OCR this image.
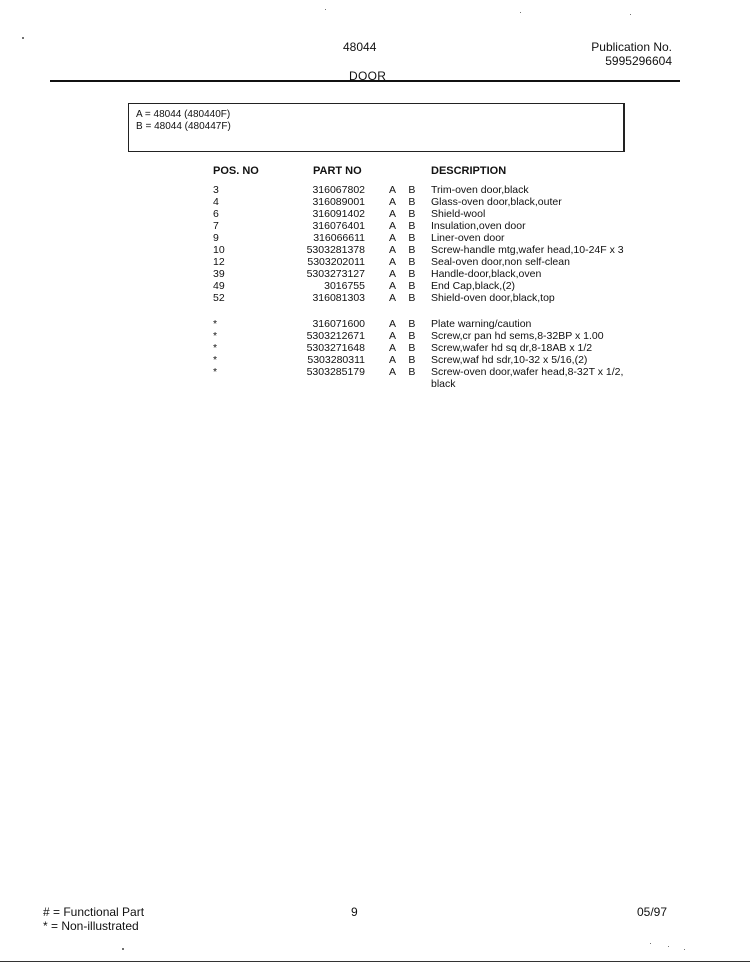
48044	Publication No.
5995296604
DOOR
A = 48044 (480440F)
B = 48044 (480447F)
POS. NO	PART NO	DESCRIPTION
3	316067802 A B Trim-oven door,black
4	316089001 A B Glass-oven door,black,outer
6	316091402 A B Shield-wool
7	316076401 A B Insulation,oven door
9	316066611 A B Liner-oven door
10	5303281378 A B Screw-handle mtg,wafer head,10-24F x 3
12	5303202011 A B Seal-oven door,non self-clean
39	5303273127 A B Handle-door,black,oven
49	3016755 A B End Cap,black,(2)
52	316081303 A B Shield-oven door,black,top
*	316071600 A B Plate warning/caution
*	5303212671 A B Screw,cr pan hd sems,8-32BP x 1.00
*	5303271648 A B Screw,wafer hd sq dr,8-18AB x 1/2
*	5303280311 A B Screw,waf hd sdr,10-32 x 5/16,(2)
*	5303285179 A B Screw-oven door,wafer head,8-32T x 1/2,
black
# = Functional Part
* = Non-illustrated
9	05/97
